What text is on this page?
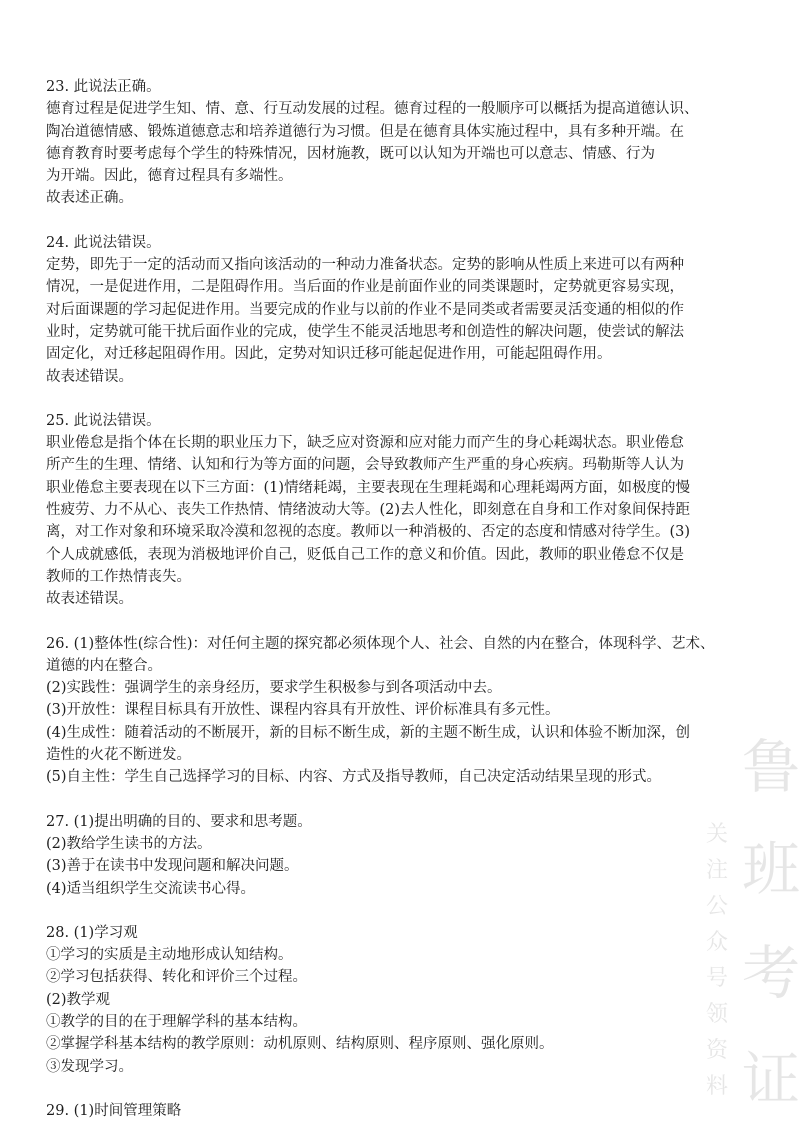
鲁
班
考
证
关
注
公
众
号
领
资
料
23. 此说法正确。
德育过程是促进学生知、情、意、行互动发展的过程。德育过程的一般顺序可以概括为提高道德认识、
陶冶道德情感、锻炼道德意志和培养道德行为习惯。但是在德育具体实施过程中，具有多种开端。在
德育教育时要考虑每个学生的特殊情况，因材施教，既可以认知为开端也可以意志、情感、行为
为开端。因此，德育过程具有多端性。
故表述正确。
24. 此说法错误。
定势，即先于一定的活动而又指向该活动的一种动力准备状态。定势的影响从性质上来进可以有两种
情况，一是促进作用，二是阻碍作用。当后面的作业是前面作业的同类课题时，定势就更容易实现，
对后面课题的学习起促进作用。当要完成的作业与以前的作业不是同类或者需要灵活变通的相似的作
业时，定势就可能干扰后面作业的完成，使学生不能灵活地思考和创造性的解决问题，使尝试的解法
固定化，对迁移起阻碍作用。因此，定势对知识迁移可能起促进作用，可能起阻碍作用。
故表述错误。
25. 此说法错误。
职业倦怠是指个体在长期的职业压力下，缺乏应对资源和应对能力而产生的身心耗竭状态。职业倦怠
所产生的生理、情绪、认知和行为等方面的问题，会导致教师产生严重的身心疾病。玛勒斯等人认为
职业倦怠主要表现在以下三方面：(1)情绪耗竭，主要表现在生理耗竭和心理耗竭两方面，如极度的慢
性疲劳、力不从心、丧失工作热情、情绪波动大等。(2)去人性化，即刻意在自身和工作对象间保持距
离，对工作对象和环境采取冷漠和忽视的态度。教师以一种消极的、否定的态度和情感对待学生。(3)
个人成就感低，表现为消极地评价自己，贬低自己工作的意义和价值。因此，教师的职业倦怠不仅是
教师的工作热情丧失。
故表述错误。
26. (1)整体性(综合性)：对任何主题的探究都必须体现个人、社会、自然的内在整合，体现科学、艺术、
道德的内在整合。
(2)实践性：强调学生的亲身经历，要求学生积极参与到各项活动中去。
(3)开放性：课程目标具有开放性、课程内容具有开放性、评价标准具有多元性。
(4)生成性：随着活动的不断展开，新的目标不断生成，新的主题不断生成，认识和体验不断加深，创
造性的火花不断迸发。
(5)自主性：学生自己选择学习的目标、内容、方式及指导教师，自己决定活动结果呈现的形式。
27. (1)提出明确的目的、要求和思考题。
(2)教给学生读书的方法。
(3)善于在读书中发现问题和解决问题。
(4)适当组织学生交流读书心得。
28. (1)学习观
①学习的实质是主动地形成认知结构。
②学习包括获得、转化和评价三个过程。
(2)教学观
①教学的目的在于理解学科的基本结构。
②掌握学科基本结构的教学原则：动机原则、结构原则、程序原则、强化原则。
③发现学习。
29. (1)时间管理策略
